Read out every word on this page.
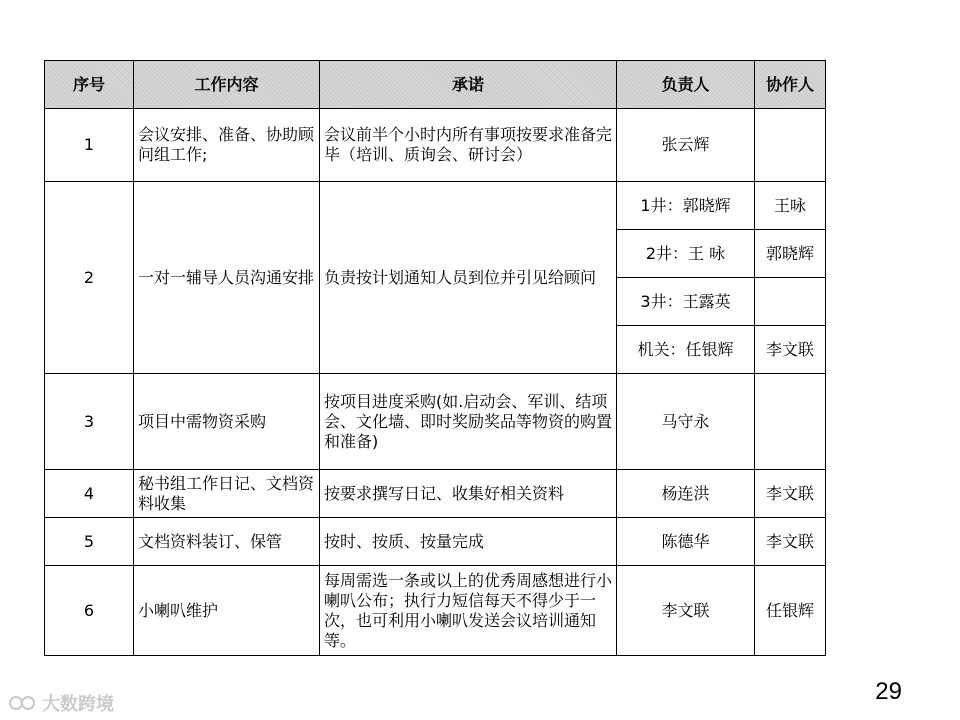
序号	工作内容	承诺	负责人	协作人
1	会议安排、准备、协助顾问组工作;	会议前半个小时内所有事项按要求准备完毕（培训、质询会、研讨会）	张云辉	
2	一对一辅导人员沟通安排	负责按计划通知人员到位并引见给顾问	1井：郭晓辉	王咏
			2井：王 咏	郭晓辉
			3井：王露英	
			机关：任银辉	李文联
3	项目中需物资采购	按项目进度采购(如.启动会、军训、结项会、文化墙、即时奖励奖品等物资的购置和准备)	马守永	
4	秘书组工作日记、文档资料收集	按要求撰写日记、收集好相关资料	杨连洪	李文联
5	文档资料装订、保管	按时、按质、按量完成	陈德华	李文联
6	小喇叭维护	每周需选一条或以上的优秀周感想进行小喇叭公布；执行力短信每天不得少于一次，也可利用小喇叭发送会议培训通知等。	李文联	任银辉
29
大数跨境
